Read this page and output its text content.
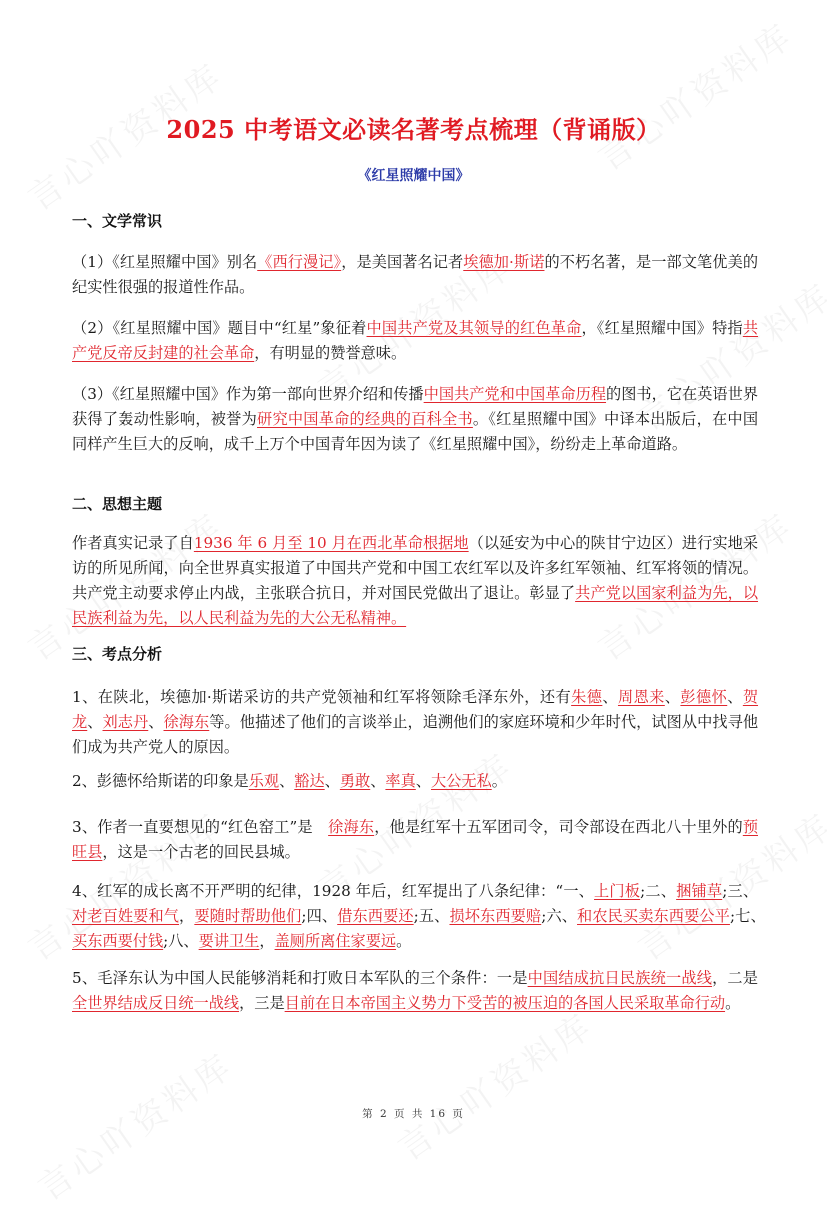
2025 中考语文必读名著考点梳理（背诵版）
《红星照耀中国》
一、文学常识
（1）《红星照耀中国》别名《西行漫记》，是美国著名记者埃德加·斯诺的不朽名著，是一部文笔优美的纪实性很强的报道性作品。
（2）《红星照耀中国》题目中“红星”象征着中国共产党及其领导的红色革命，《红星照耀中国》特指共产党反帝反封建的社会革命，有明显的赞誉意味。
（3）《红星照耀中国》作为第一部向世界介绍和传播中国共产党和中国革命历程的图书，它在英语世界获得了轰动性影响，被誉为研究中国革命的经典的百科全书。《红星照耀中国》中译本出版后，在中国同样产生巨大的反响，成千上万个中国青年因为读了《红星照耀中国》，纷纷走上革命道路。
二、思想主题
作者真实记录了自1936 年 6 月至 10 月在西北革命根据地（以延安为中心的陕甘宁边区）进行实地采访的所见所闻，向全世界真实报道了中国共产党和中国工农红军以及许多红军领袖、红军将领的情况。共产党主动要求停止内战，主张联合抗日，并对国民党做出了退让。彰显了共产党以国家利益为先，以民族利益为先，以人民利益为先的大公无私精神。
三、考点分析
1、在陕北，埃德加·斯诺采访的共产党领袖和红军将领除毛泽东外，还有朱德、周恩来、彭德怀、贺龙、刘志丹、徐海东等。他描述了他们的言谈举止，追溯他们的家庭环境和少年时代，试图从中找寻他们成为共产党人的原因。
2、彭德怀给斯诺的印象是乐观、豁达、勇敢、率真、大公无私。
3、作者一直要想见的“红色窑工”是　徐海东，他是红军十五军团司令，司令部设在西北八十里外的预旺县，这是一个古老的回民县城。
4、红军的成长离不开严明的纪律，1928 年后，红军提出了八条纪律：“一、上门板;二、捆铺草;三、对老百姓要和气，要随时帮助他们;四、借东西要还;五、损坏东西要赔;六、和农民买卖东西要公平;七、　买东西要付钱;八、要讲卫生，盖厕所离住家要远。
5、毛泽东认为中国人民能够消耗和打败日本军队的三个条件：一是中国结成抗日民族统一战线，二是全世界结成反日统一战线，三是目前在日本帝国主义势力下受苦的被压迫的各国人民采取革命行动。
第 2 页 共 16 页
